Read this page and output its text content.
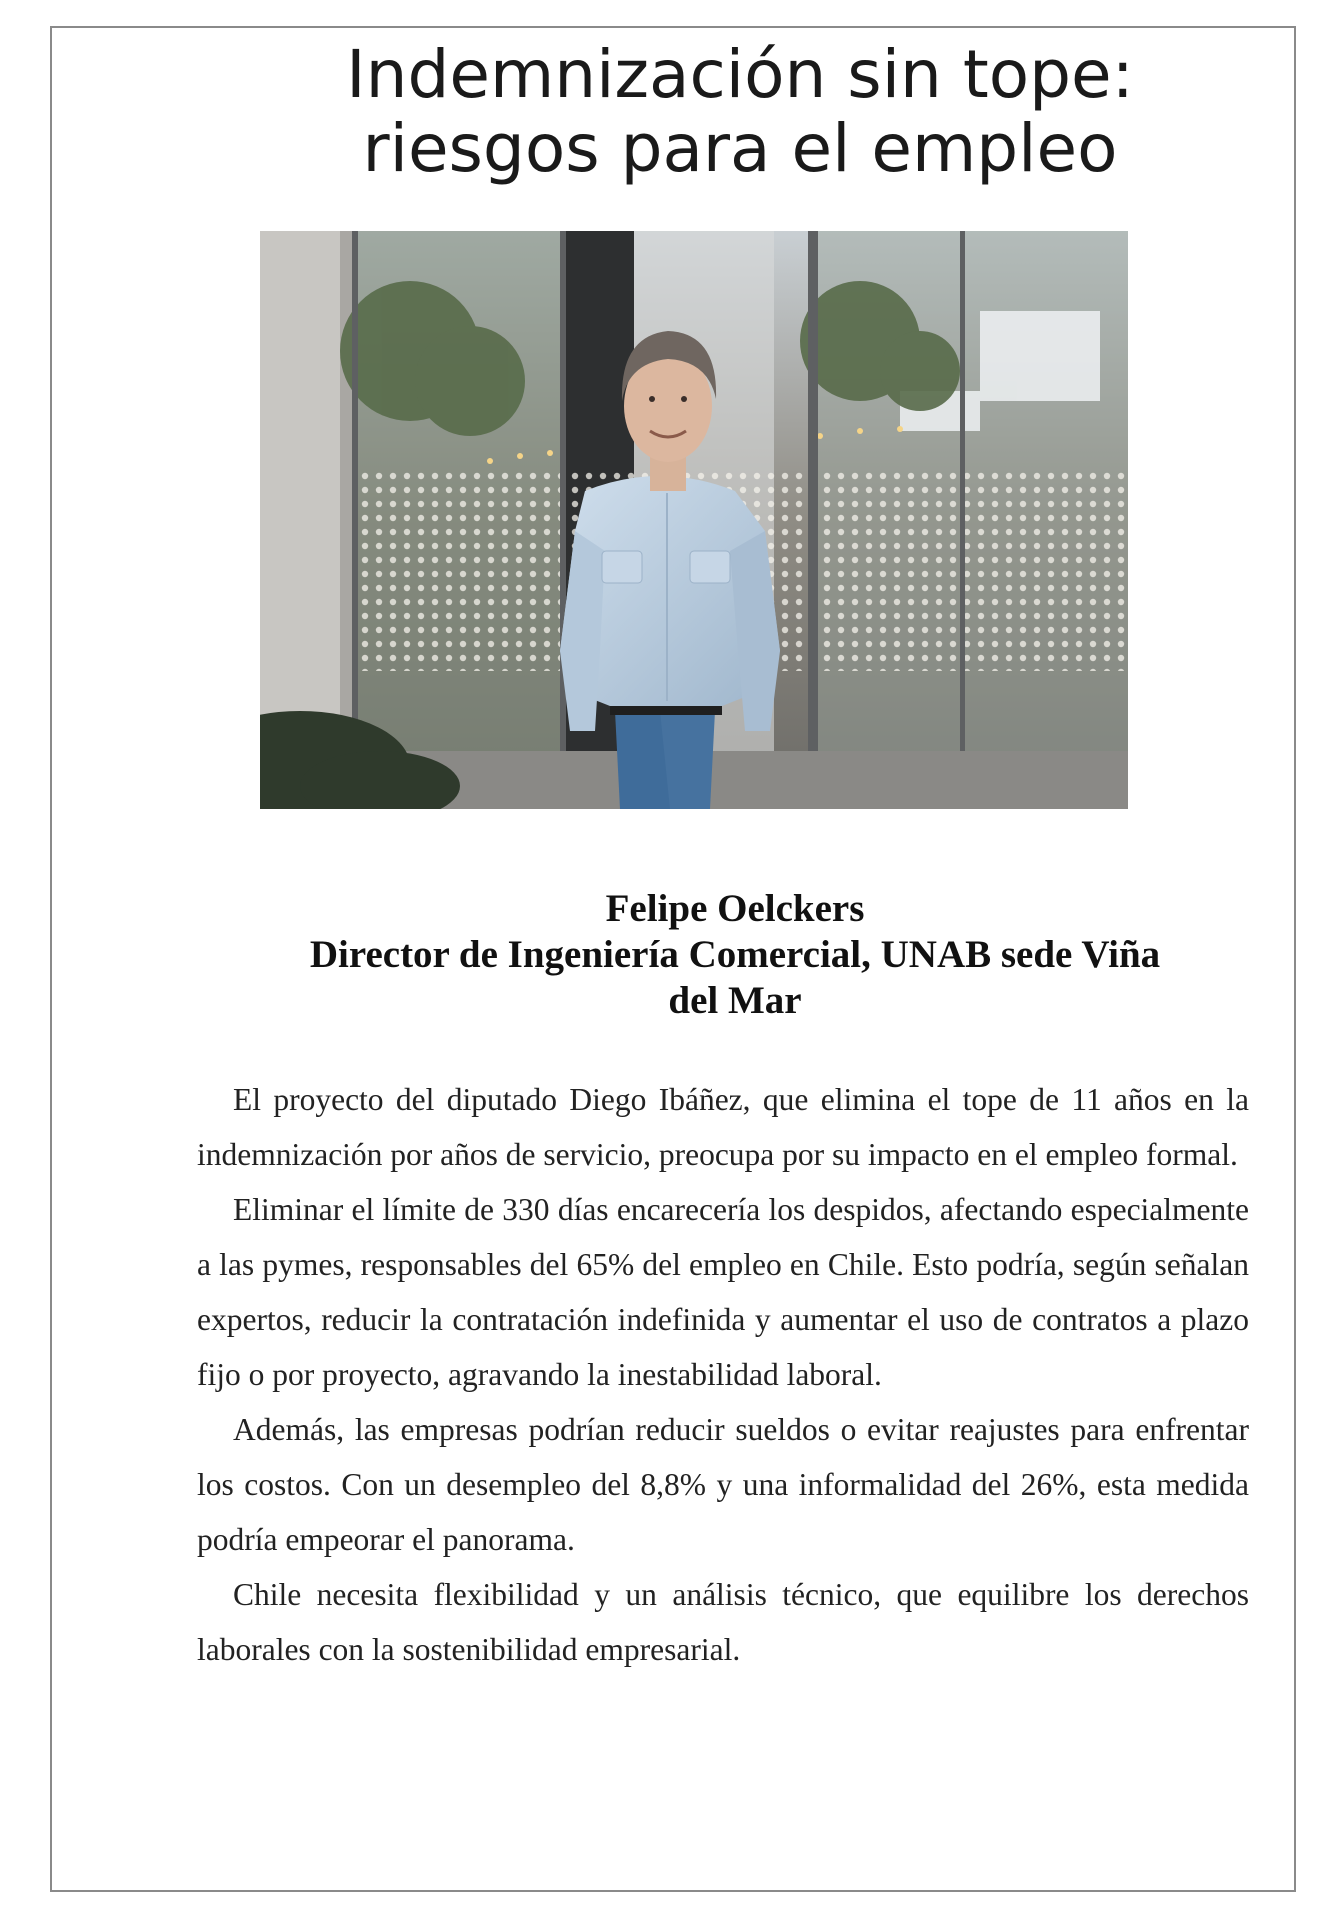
Indemnización sin tope:
riesgos para el empleo
Felipe Oelckers
Director de Ingeniería Comercial, UNAB sede Viña
del Mar

El proyecto del diputado Diego Ibáñez, que elimina el tope de 11 años en la indemnización por años de servicio, preocupa por su impacto en el empleo formal.

Eliminar el límite de 330 días encarecería los despidos, afectando especialmente a las pymes, responsables del 65% del empleo en Chile. Esto podría, según señalan expertos, reducir la contratación indefinida y aumentar el uso de contratos a plazo fijo o por proyecto, agravando la inestabilidad laboral.

Además, las empresas podrían reducir sueldos o evitar reajustes para enfrentar los costos. Con un desempleo del 8,8% y una informalidad del 26%, esta medida podría empeorar el panorama.

Chile necesita flexibilidad y un análisis técnico, que equilibre los derechos laborales con la sostenibilidad empresarial.
